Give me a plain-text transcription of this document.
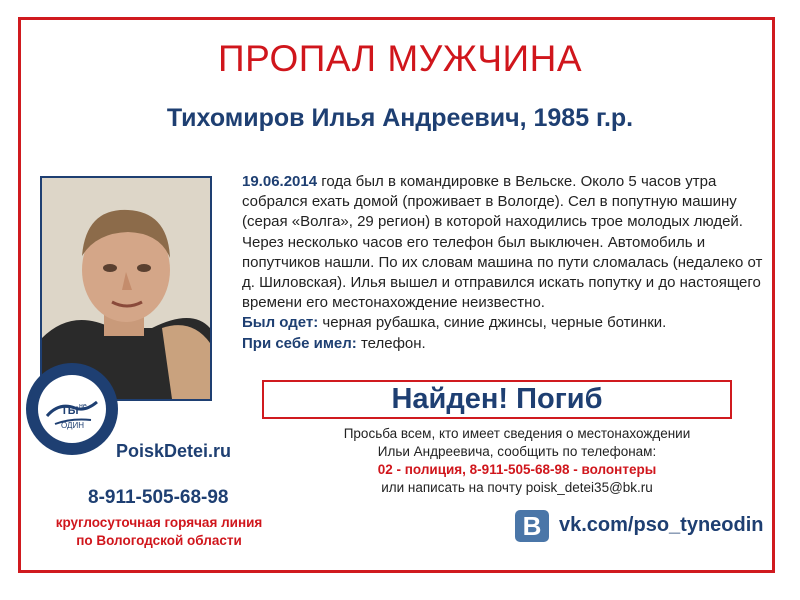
ПРОПАЛ МУЖЧИНА
Тихомиров Илья Андреевич, 1985 г.р.
ТЫ не
ОДИН

19.06.2014 года был в командировке в Вельске. Около 5 часов утра собрался ехать домой (проживает в Вологде). Сел в попутную машину (серая «Волга», 29 регион) в которой находились трое молодых людей. Через несколько часов его телефон был выключен. Автомобиль и попутчиков нашли. По их словам машина по пути сломалась (недалеко от д. Шиловская). Илья вышел и отправился искать попутку и до настоящего времени его местонахождение неизвестно.

Был одет: черная рубашка, синие джинсы, черные ботинки.

При себе имел: телефон.

Найден! Погиб
Просьба всем, кто имеет сведения о местонахождении
Ильи Андреевича, сообщить по телефонам:
02 - полиция, 8-911-505-68-98 - волонтеры
или написать на почту poisk_detei35@bk.ru
PoiskDetei.ru
8-911-505-68-98
круглосуточная горячая линия
по Вологодской области	B vk.com/pso_tyneodin
